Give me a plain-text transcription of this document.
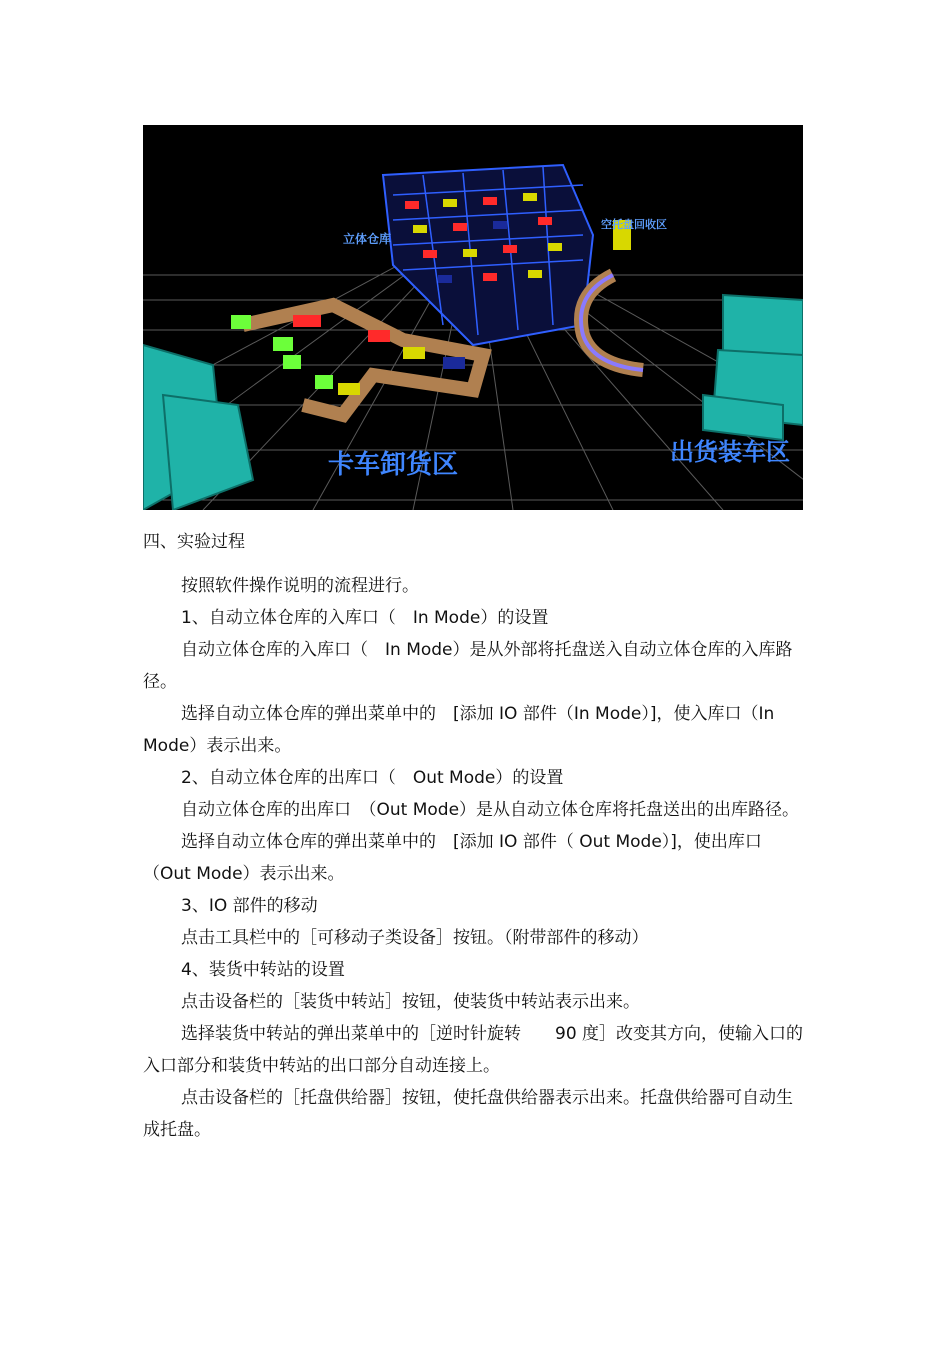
立体仓库
空托盘回收区
卡车卸货区	出货装车区

四、实验过程

按照软件操作说明的流程进行。

1、自动立体仓库的入库口（　In Mode）的设置

自动立体仓库的入库口（　In Mode）是从外部将托盘送入自动立体仓库的入库路径。

选择自动立体仓库的弹出菜单中的　[添加 IO 部件（In Mode）]，使入库口（In Mode）表示出来。

2、自动立体仓库的出库口（　Out Mode）的设置

自动立体仓库的出库口　（Out Mode）是从自动立体仓库将托盘送出的出库路径。

选择自动立体仓库的弹出菜单中的　[添加 IO 部件（ Out Mode）]，使出库口（Out Mode）表示出来。

3、IO 部件的移动

点击工具栏中的［可移动子类设备］按钮。（附带部件的移动）

4、装货中转站的设置

点击设备栏的［装货中转站］按钮，使装货中转站表示出来。

选择装货中转站的弹出菜单中的［逆时针旋转　　90 度］改变其方向，使输入口的入口部分和装货中转站的出口部分自动连接上。

点击设备栏的［托盘供给器］按钮，使托盘供给器表示出来。托盘供给器可自动生成托盘。
